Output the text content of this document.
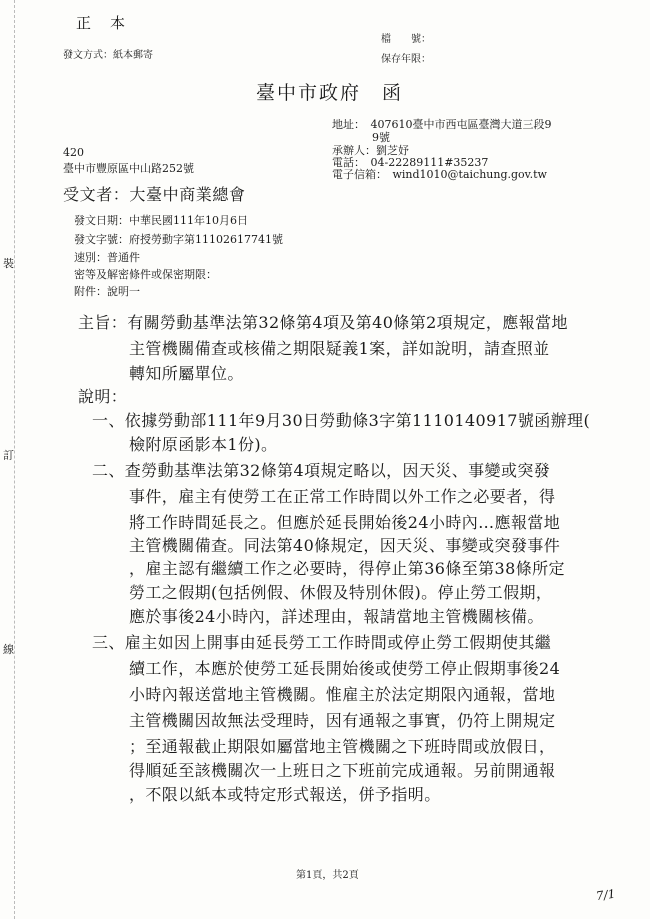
裝
訂
線
正　本
發文方式：紙本郵寄
檔　　號：
保存年限：
臺中市政府　函
地址：　407610臺中市西屯區臺灣大道三段9
9號
承辦人：劉芝妤
電話：　04-22289111#35237
電子信箱：　wind1010@taichung.gov.tw
420
臺中市豐原區中山路252號
受文者：大臺中商業總會
發文日期：中華民國111年10月6日
發文字號：府授勞動字第11102617741號
速別：普通件
密等及解密條件或保密期限：
附件：說明一
主旨：有關勞動基準法第32條第4項及第40條第2項規定，應報當地
主管機關備查或核備之期限疑義1案，詳如說明，請查照並
轉知所屬單位。
說明：
一、依據勞動部111年9月30日勞動條3字第1110140917號函辦理(
檢附原函影本1份)。
二、查勞動基準法第32條第4項規定略以，因天災、事變或突發
事件，雇主有使勞工在正常工作時間以外工作之必要者，得
將工作時間延長之。但應於延長開始後24小時內…應報當地
主管機關備查。同法第40條規定，因天災、事變或突發事件
，雇主認有繼續工作之必要時，得停止第36條至第38條所定
勞工之假期(包括例假、休假及特別休假)。停止勞工假期，
應於事後24小時內，詳述理由，報請當地主管機關核備。
三、雇主如因上開事由延長勞工工作時間或停止勞工假期使其繼
續工作，本應於使勞工延長開始後或使勞工停止假期事後24
小時內報送當地主管機關。惟雇主於法定期限內通報，當地
主管機關因故無法受理時，因有通報之事實，仍符上開規定
；至通報截止期限如屬當地主管機關之下班時間或放假日，
得順延至該機關次一上班日之下班前完成通報。另前開通報
，不限以紙本或特定形式報送，併予指明。
第1頁，共2頁
7/1
